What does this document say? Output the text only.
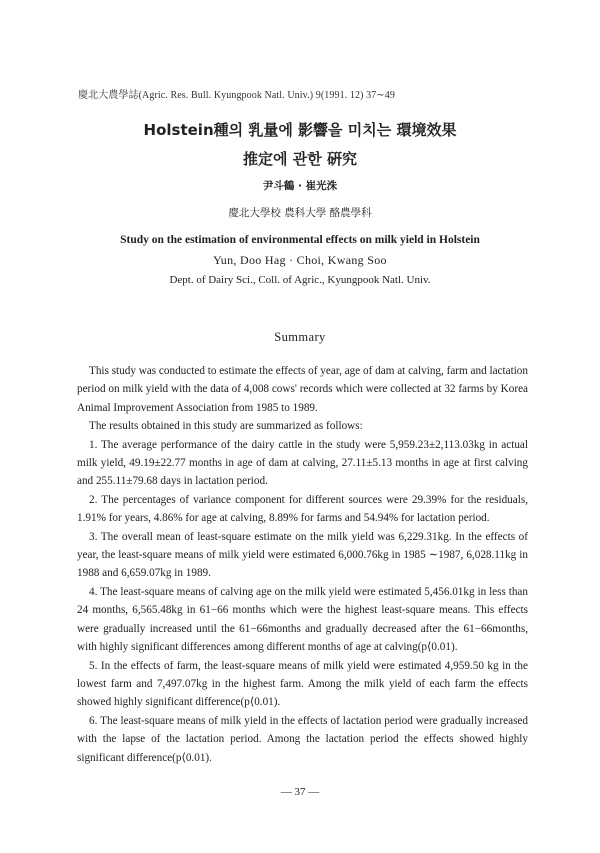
慶北大農學誌(Agric. Res. Bull. Kyungpook Natl. Univ.) 9(1991. 12) 37∼49
Holstein種의 乳量에 影響을 미치는 環境效果
推定에 관한 硏究
尹斗鶴 · 崔光洙
慶北大學校 農科大學 酪農學科
Study on the estimation of environmental effects on milk yield in Holstein
Yun, Doo Hag · Choi, Kwang Soo
Dept. of Dairy Sci., Coll. of Agric., Kyungpook Natl. Univ.
Summary

This study was conducted to estimate the effects of year, age of dam at calving, farm and lactation period on milk yield with the data of 4,008 cows' records which were collected at 32 farms by Korea Animal Improvement Association from 1985 to 1989.

The results obtained in this study are summarized as follows:

1. The average performance of the dairy cattle in the study were 5,959.23±2,113.03kg in actual milk yield, 49.19±22.77 months in age of dam at calving, 27.11±5.13 months in age at first calving and 255.11±79.68 days in lactation period.

2. The percentages of variance component for different sources were 29.39% for the residuals, 1.91% for years, 4.86% for age at calving, 8.89% for farms and 54.94% for lactation period.

3. The overall mean of least-square estimate on the milk yield was 6,229.31kg. In the effects of year, the least-square means of milk yield were estimated 6,000.76kg in 1985 ∼1987, 6,028.11kg in 1988 and 6,659.07kg in 1989.

4. The least-square means of calving age on the milk yield were estimated 5,456.01kg in less than 24 months, 6,565.48kg in 61−66 months which were the highest least-square means. This effects were gradually increased until the 61−66months and gradually decreased after the 61−66months, with highly significant differences among different months of age at calving(p⟨0.01).

5. In the effects of farm, the least-square means of milk yield were estimated 4,959.50 kg in the lowest farm and 7,497.07kg in the highest farm. Among the milk yield of each farm the effects showed highly significant difference(p⟨0.01).

6. The least-square means of milk yield in the effects of lactation period were gradually increased with the lapse of the lactation period. Among the lactation period the effects showed highly significant difference(p⟨0.01).

— 37 —
